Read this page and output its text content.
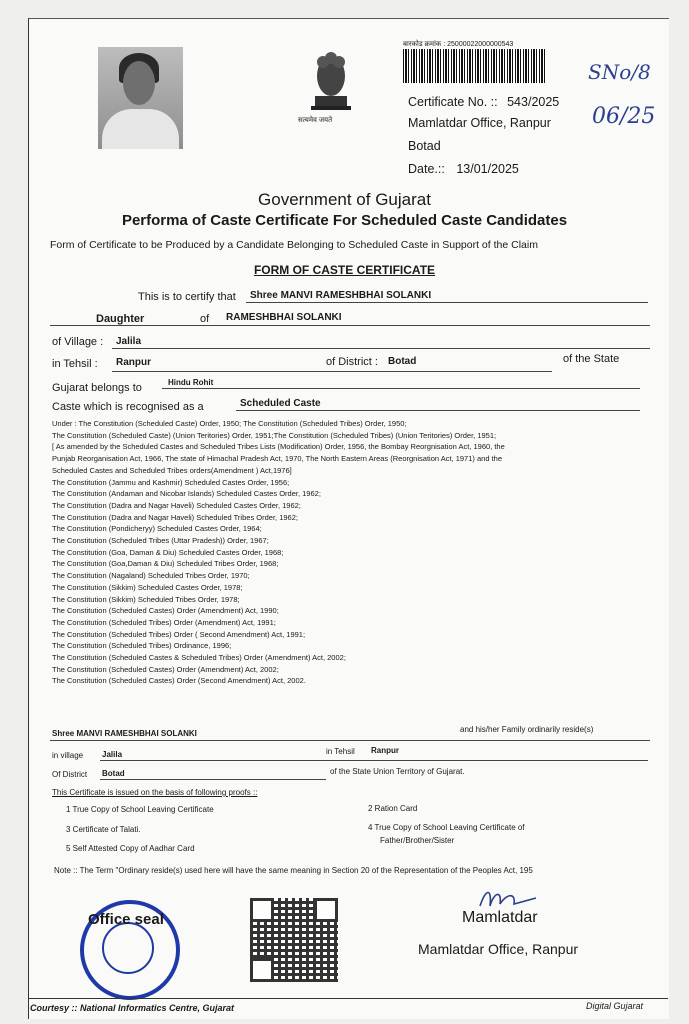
सत्यमेव जयते
बारकोड क्रमांक : 25000022000000543
SNo/8
06/25
Certificate No. :: 543/2025
Mamlatdar Office, Ranpur
Botad
Date.:: 13/01/2025
Government of Gujarat
Performa of Caste Certificate For Scheduled Caste Candidates
Form of Certificate to be Produced by a Candidate Belonging to Scheduled Caste in Support of the Claim
FORM OF CASTE CERTIFICATE
This is to certify that Shree MANVI RAMESHBHAI SOLANKI
Daughter	of RAMESHBHAI SOLANKI
of Village : Jalila
in Tehsil : Ranpur	of District : Botad	of the State
Gujarat belongs to	Hindu Rohit
Caste which is recognised as a	Scheduled Caste
Under : The Constitution (Scheduled Caste) Order, 1950; The Constitution (Scheduled Tribes) Order, 1950;
The Constitution (Scheduled Caste) (Union Teritories) Order, 1951;The Constitution (Scheduled Tribes) (Union Teritories) Order, 1951;
[ As amended by the Scheduled Castes and Scheduled Tribes Lists (Modification) Order, 1956, the Bombay Reorgnisation Act, 1960, the
Punjab Reorganisation Act, 1966, The state of Himachal Pradesh Act, 1970, The North Eastern Areas (Reorgnisation Act, 1971) and the
Scheduled Castes and Scheduled Tribes orders(Amendment ) Act,1976]
The Constitution (Jammu and Kashmir) Scheduled Castes Order, 1956;
The Constitution (Andaman and Nicobar Islands) Scheduled Castes Order, 1962;
The Constitution (Dadra and Nagar Haveli) Scheduled Castes Order, 1962;
The Constitution (Dadra and Nagar Haveli) Scheduled Tribes Order, 1962;
The Constitution (Pondicheryy) Scheduled Castes Order, 1964;
The Constitution (Scheduled Tribes (Uttar Pradesh)) Order, 1967;
The Constitution (Goa, Daman & Diu) Scheduled Castes Order, 1968;
The Constitution (Goa,Daman & Diu) Scheduled Tribes Order, 1968;
The Constitution (Nagaland) Scheduled Tribes Order, 1970;
The Constitution (Sikkim) Scheduled Castes Order, 1978;
The Constitution (Sikkim) Scheduled Tribes Order, 1978;
The Constitution (Scheduled Castes) Order (Amendment) Act, 1990;
The Constitution (Scheduled Tribes) Order (Amendment) Act, 1991;
The Constitution (Scheduled Tribes) Order ( Second Amendment) Act, 1991;
The Constitution (Scheduled Tribes) Ordinance, 1996;
The Constitution (Scheduled Castes & Scheduled Tribes) Order (Amendment) Act, 2002;
The Constitution (Scheduled Castes) Order (Amendment) Act, 2002;
The Constitution (Scheduled Castes) Order (Second Amendment) Act, 2002.
Shree MANVI RAMESHBHAI SOLANKI	and his/her Family ordinarily reside(s)
in village Jalila	in Tehsil Ranpur
Of District Botad	of the State Union Territory of Gujarat.
This Certificate is issued on the basis of following proofs ::
1 True Copy of School Leaving Certificate	2 Ration Card
3 Certificate of Talati.	4 True Copy of School Leaving Certificate of
Father/Brother/Sister
5 Self Attested Copy of Aadhar Card
Note :: The Term "Ordinary reside(s) used here will have the same meaning in Section 20 of the Representation of the Peoples Act, 195
Office seal	Mamlatdar
Mamlatdar Office, Ranpur
Courtesy :: National Informatics Centre, Gujarat	Digital Gujarat
